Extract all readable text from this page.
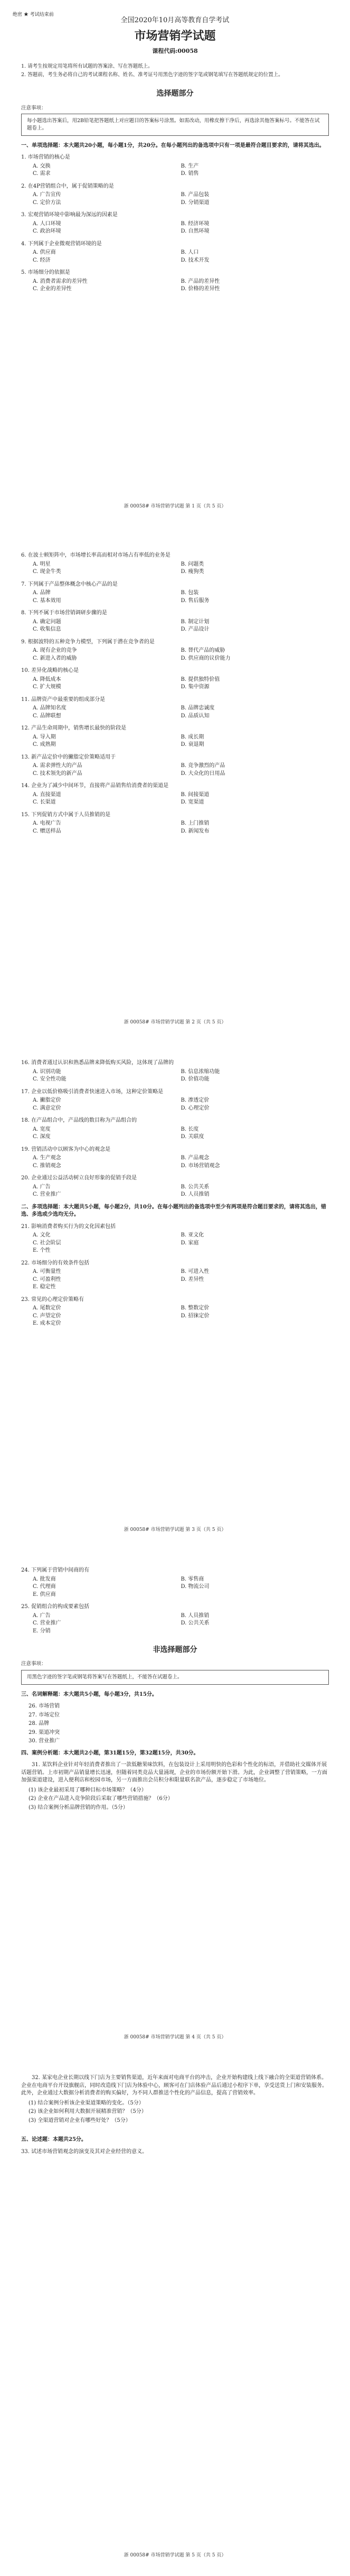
绝密 ★ 考试结束前
全国2020年10月高等教育自学考试
市场营销学试题
课程代码:00058

1. 请考生按规定用笔将所有试题的答案涂、写在答题纸上。

2. 答题前，考生务必将自己的考试课程名称、姓名、准考证号用黑色字迹的签字笔或钢笔填写在答题纸规定的位置上。

选择题部分
注意事项：
每小题选出答案后，用2B铅笔把答题纸上对应题目的答案标号涂黑。如需改动，用橡皮擦干净后，再选涂其他答案标号。不能答在试题卷上。
一、单项选择题：本大题共20小题，每小题1分，共20分。在每小题列出的备选项中只有一项是最符合题目要求的，请将其选出。
1. 市场营销的核心是
A. 交换	B. 生产
C. 需求	D. 销售
2. 在4P营销组合中，属于促销策略的是
A. 广告宣传	B. 产品包装
C. 定价方法	D. 分销渠道
3. 宏观营销环境中影响最为深远的因素是
A. 人口环境	B. 经济环境
C. 政治环境	D. 自然环境
4. 下列属于企业微观营销环境的是
A. 供应商	B. 人口
C. 经济	D. 技术开发
5. 市场细分的依据是
A. 消费者需求的差异性	B. 产品的差异性
C. 企业的差异性	D. 价格的差异性
浙 00058# 市场营销学试题 第 1 页（共 5 页）
6. 在波士顿矩阵中，市场增长率高而相对市场占有率低的业务是
A. 明星	B. 问题类
C. 现金牛类	D. 瘦狗类
7. 下列属于产品整体概念中核心产品的是
A. 品牌	B. 包装
C. 基本效用	D. 售后服务
8. 下列不属于市场营销调研步骤的是
A. 确定问题	B. 制定计划
C. 收集信息	D. 产品设计
9. 根据波特的五种竞争力模型，下列属于潜在竞争者的是
A. 现有企业的竞争	B. 替代产品的威胁
C. 新进入者的威胁	D. 供应商的议价能力
10. 差异化战略的核心是
A. 降低成本	B. 提供独特价值
C. 扩大规模	D. 集中资源
11. 品牌资产中最重要的组成部分是
A. 品牌知名度	B. 品牌忠诚度
C. 品牌联想	D. 品质认知
12. 产品生命周期中，销售增长最快的阶段是
A. 导入期	B. 成长期
C. 成熟期	D. 衰退期
13. 新产品定价中的撇脂定价策略适用于
A. 需求弹性大的产品	B. 竞争激烈的产品
C. 技术领先的新产品	D. 大众化的日用品
14. 企业为了减少中间环节，直接将产品销售给消费者的渠道是
A. 直接渠道	B. 间接渠道
C. 长渠道	D. 宽渠道
15. 下列促销方式中属于人员推销的是
A. 电视广告	B. 上门推销
C. 赠送样品	D. 新闻发布
浙 00058# 市场营销学试题 第 2 页（共 5 页）
16. 消费者通过认识和熟悉品牌来降低购买风险，这体现了品牌的
A. 识别功能	B. 信息浓缩功能
C. 安全性功能	D. 价值功能
17. 企业以低价格吸引消费者快速进入市场，这种定价策略是
A. 撇脂定价	B. 渗透定价
C. 满意定价	D. 心理定价
18. 在产品组合中，产品线的数目称为产品组合的
A. 宽度	B. 长度
C. 深度	D. 关联度
19. 营销活动中以顾客为中心的观念是
A. 生产观念	B. 产品观念
C. 推销观念	D. 市场营销观念
20. 企业通过公益活动树立良好形象的促销手段是
A. 广告	B. 公共关系
C. 营业推广	D. 人员推销
二、多项选择题：本大题共5小题，每小题2分，共10分。在每小题列出的备选项中至少有两项是符合题目要求的，请将其选出，错选、多选或少选均无分。
21. 影响消费者购买行为的文化因素包括
A. 文化	B. 亚文化
C. 社会阶层	D. 家庭
E. 个性
22. 市场细分的有效条件包括
A. 可衡量性	B. 可进入性
C. 可盈利性	D. 差异性
E. 稳定性
23. 常见的心理定价策略有
A. 尾数定价	B. 整数定价
C. 声望定价	D. 招徕定价
E. 成本定价
浙 00058# 市场营销学试题 第 3 页（共 5 页）
24. 下列属于营销中间商的有
A. 批发商	B. 零售商
C. 代理商	D. 物流公司
E. 供应商
25. 促销组合的构成要素包括
A. 广告	B. 人员推销
C. 营业推广	D. 公共关系
E. 分销
非选择题部分
注意事项：
用黑色字迹的签字笔或钢笔将答案写在答题纸上，不能答在试题卷上。
三、名词解释题：本大题共5小题，每小题3分，共15分。
26. 市场营销
27. 市场定位
28. 品牌
29. 渠道冲突
30. 营业推广
四、案例分析题：本大题共2小题，第31题15分，第32题15分，共30分。
31. 某饮料企业针对年轻消费者推出了一款低糖果味饮料，在包装设计上采用明快的色彩和个性化的标语，并借助社交媒体开展话题营销。上市初期产品销量增长迅速，但随着同类竞品大量涌现，企业的市场份额开始下滑。为此，企业调整了营销策略，一方面加强渠道建设，进入便利店和校园市场，另一方面推出会员积分和限量联名款产品，逐步稳定了市场地位。
(1) 该企业最初采用了哪种目标市场策略？（4分）
(2) 企业在产品进入竞争阶段后采取了哪些营销措施？（6分）
(3) 结合案例分析品牌营销的作用。（5分）
浙 00058# 市场营销学试题 第 4 页（共 5 页）
32. 某家电企业长期以线下门店为主要销售渠道，近年来面对电商平台的冲击，企业开始构建线上线下融合的全渠道营销体系。企业在电商平台开设旗舰店，同时改造线下门店为体验中心，顾客可在门店体验产品后通过小程序下单，享受送货上门和安装服务。此外，企业通过大数据分析消费者的购买偏好，为不同人群推送个性化的产品信息，提高了营销效率。
(1) 结合案例分析该企业渠道策略的变化。（5分）
(2) 该企业如何利用大数据开展精准营销？（5分）
(3) 全渠道营销对企业有哪些好处？（5分）
五、论述题：本题共25分。
33. 试述市场营销观念的演变及其对企业经营的意义。
浙 00058# 市场营销学试题 第 5 页（共 5 页）
